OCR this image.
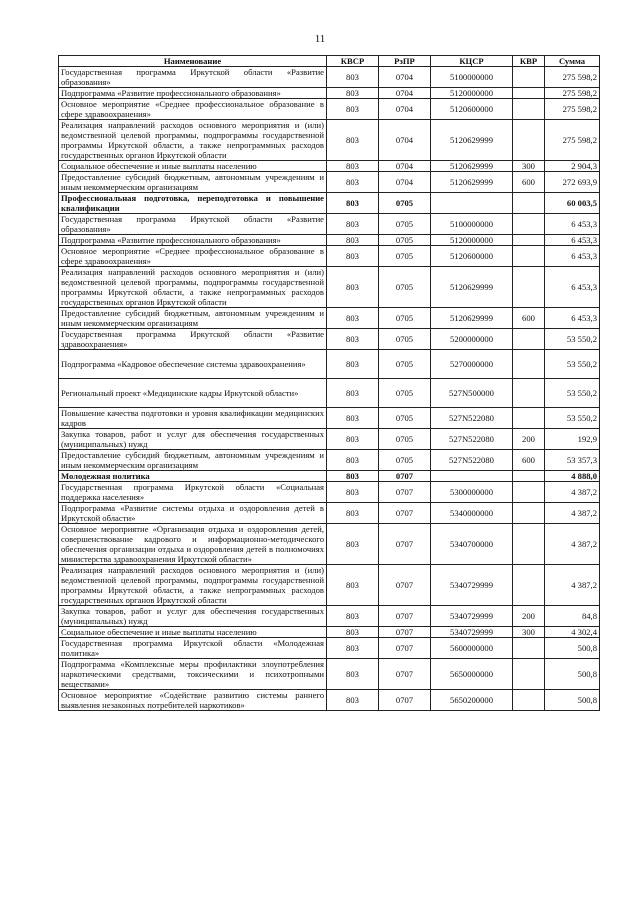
11
Наименование	КВСР	РзПР	КЦСР	КВР	Сумма
Государственная программа Иркутской области «Развитие образования»	803	0704	5100000000		275 598,2
Подпрограмма «Развитие профессионального образования»	803	0704	5120000000		275 598,2
Основное мероприятие «Среднее профессиональное образование в сфере здравоохранения»	803	0704	5120600000		275 598,2
Реализация направлений расходов основного мероприятия и (или) ведомственной целевой программы, подпрограммы государственной программы Иркутской области, а также непрограммных расходов государственных органов Иркутской области	803	0704	5120629999		275 598,2
Социальное обеспечение и иные выплаты населению	803	0704	5120629999	300	2 904,3
Предоставление субсидий бюджетным, автономным учреждениям и иным некоммерческим организациям	803	0704	5120629999	600	272 693,9
Профессиональная подготовка, переподготовка и повышение квалификации	803	0705			60 003,5
Государственная программа Иркутской области «Развитие образования»	803	0705	5100000000		6 453,3
Подпрограмма «Развитие профессионального образования»	803	0705	5120000000		6 453,3
Основное мероприятие «Среднее профессиональное образование в сфере здравоохранения»	803	0705	5120600000		6 453,3
Реализация направлений расходов основного мероприятия и (или) ведомственной целевой программы, подпрограммы государственной программы Иркутской области, а также непрограммных расходов государственных органов Иркутской области	803	0705	5120629999		6 453,3
Предоставление субсидий бюджетным, автономным учреждениям и иным некоммерческим организациям	803	0705	5120629999	600	6 453,3
Государственная программа Иркутской области «Развитие здравоохранения»	803	0705	5200000000		53 550,2
Подпрограмма «Кадровое обеспечение системы здравоохранения»	803	0705	5270000000		53 550,2
Региональный проект «Медицинские кадры Иркутской области»	803	0705	527N500000		53 550,2
Повышение качества подготовки и уровня квалификации медицинских кадров	803	0705	527N522080		53 550,2
Закупка товаров, работ и услуг для обеспечения государственных (муниципальных) нужд	803	0705	527N522080	200	192,9
Предоставление субсидий бюджетным, автономным учреждениям и иным некоммерческим организациям	803	0705	527N522080	600	53 357,3
Молодежная политика	803	0707			4 888,0
Государственная программа Иркутской области «Социальная поддержка населения»	803	0707	5300000000		4 387,2
Подпрограмма «Развитие системы отдыха и оздоровления детей в Иркутской области»	803	0707	5340000000		4 387,2
Основное мероприятие «Организация отдыха и оздоровления детей, совершенствование кадрового и информационно-методического обеспечения организации отдыха и оздоровления детей в полномочиях министерства здравоохранения Иркутской области»	803	0707	5340700000		4 387,2
Реализация направлений расходов основного мероприятия и (или) ведомственной целевой программы, подпрограммы государственной программы Иркутской области, а также непрограммных расходов государственных органов Иркутской области	803	0707	5340729999		4 387,2
Закупка товаров, работ и услуг для обеспечения государственных (муниципальных) нужд	803	0707	5340729999	200	84,8
Социальное обеспечение и иные выплаты населению	803	0707	5340729999	300	4 302,4
Государственная программа Иркутской области «Молодежная политика»	803	0707	5600000000		500,8
Подпрограмма «Комплексные меры профилактики злоупотребления наркотическими средствами, токсическими и психотропными веществами»	803	0707	5650000000		500,8
Основное мероприятие «Содействие развитию системы раннего выявления незаконных потребителей наркотиков»	803	0707	5650200000		500,8
